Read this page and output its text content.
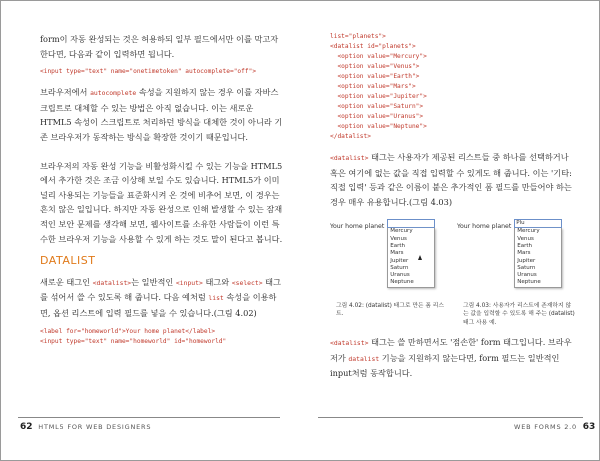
form이 자동 완성되는 것은 허용하되 일부 필드에서만 이를 막고자 한다면, 다음과 같이 입력하면 됩니다.

<input type="text" name="onetimetoken" autocomplete="off">

브라우저에서 autocomplete 속성을 지원하지 않는 경우 이를 자바스크립트로 대체할 수 있는 방법은 아직 없습니다. 이는 새로운 HTML5 속성이 스크립트로 처리하던 방식을 대체한 것이 아니라 기존 브라우저가 동작하는 방식을 확장한 것이기 때문입니다.

브라우저의 자동 완성 기능을 비활성화시킬 수 있는 기능을 HTML5에서 추가한 것은 조금 이상해 보일 수도 있습니다. HTML5가 이미 널리 사용되는 기능들을 표준화시켜 온 것에 비추어 보면, 이 경우는 흔치 않은 일입니다. 하지만 자동 완성으로 인해 발생할 수 있는 잠재적인 보안 문제를 생각해 보면, 웹사이트를 소유한 사람들이 이런 특수한 브라우저 기능을 사용할 수 있게 하는 것도 말이 된다고 봅니다.

DATALIST

새로운 태그인 <datalist>는 일반적인 <input> 태그와 <select> 태그를 섞어서 쓸 수 있도록 해 줍니다. 다음 예처럼 list 속성을 이용하면, 옵션 리스트에 입력 필드를 넣을 수 있습니다.(그림 4.02)

<label for="homeworld">Your home planet</label>
<input type="text" name="homeworld" id="homeworld"
list="planets">
<datalist id="planets">
<option value="Mercury">
<option value="Venus">
<option value="Earth">
<option value="Mars">
<option value="Jupiter">
<option value="Saturn">
<option value="Uranus">
<option value="Neptune">
</datalist>

<datalist> 태그는 사용자가 제공된 리스트들 중 하나를 선택하거나 혹은 여기에 없는 값을 직접 입력할 수 있게도 해 줍니다. 이는 '기타: 직접 입력' 등과 같은 이름이 붙은 추가적인 폼 필드를 만들어야 하는 경우 매우 유용합니다.(그림 4.03)

Your home planet
Mercury
Venus
Earth
Mars
Jupiter
Saturn
Uranus
Neptune
그림 4.02: (datalist) 태그로 만든 폼 리스트.
Your home planet Plu
Mercury
Venus
Earth
Mars
Jupiter
Saturn
Uranus
Neptune
그림 4.03: 사용자가 리스트에 존재하지 않는 값을 입력할 수 있도록 해 주는 (datalist) 태그 사용 예.

<datalist> 태그는 쓸 만하면서도 '점손한' form 태그입니다. 브라우저가 datalist 기능을 지원하지 않는다면, form 필드는 일반적인 input처럼 동작합니다.

62 HTML5 FOR WEB DESIGNERS	WEB FORMS 2.0 63
